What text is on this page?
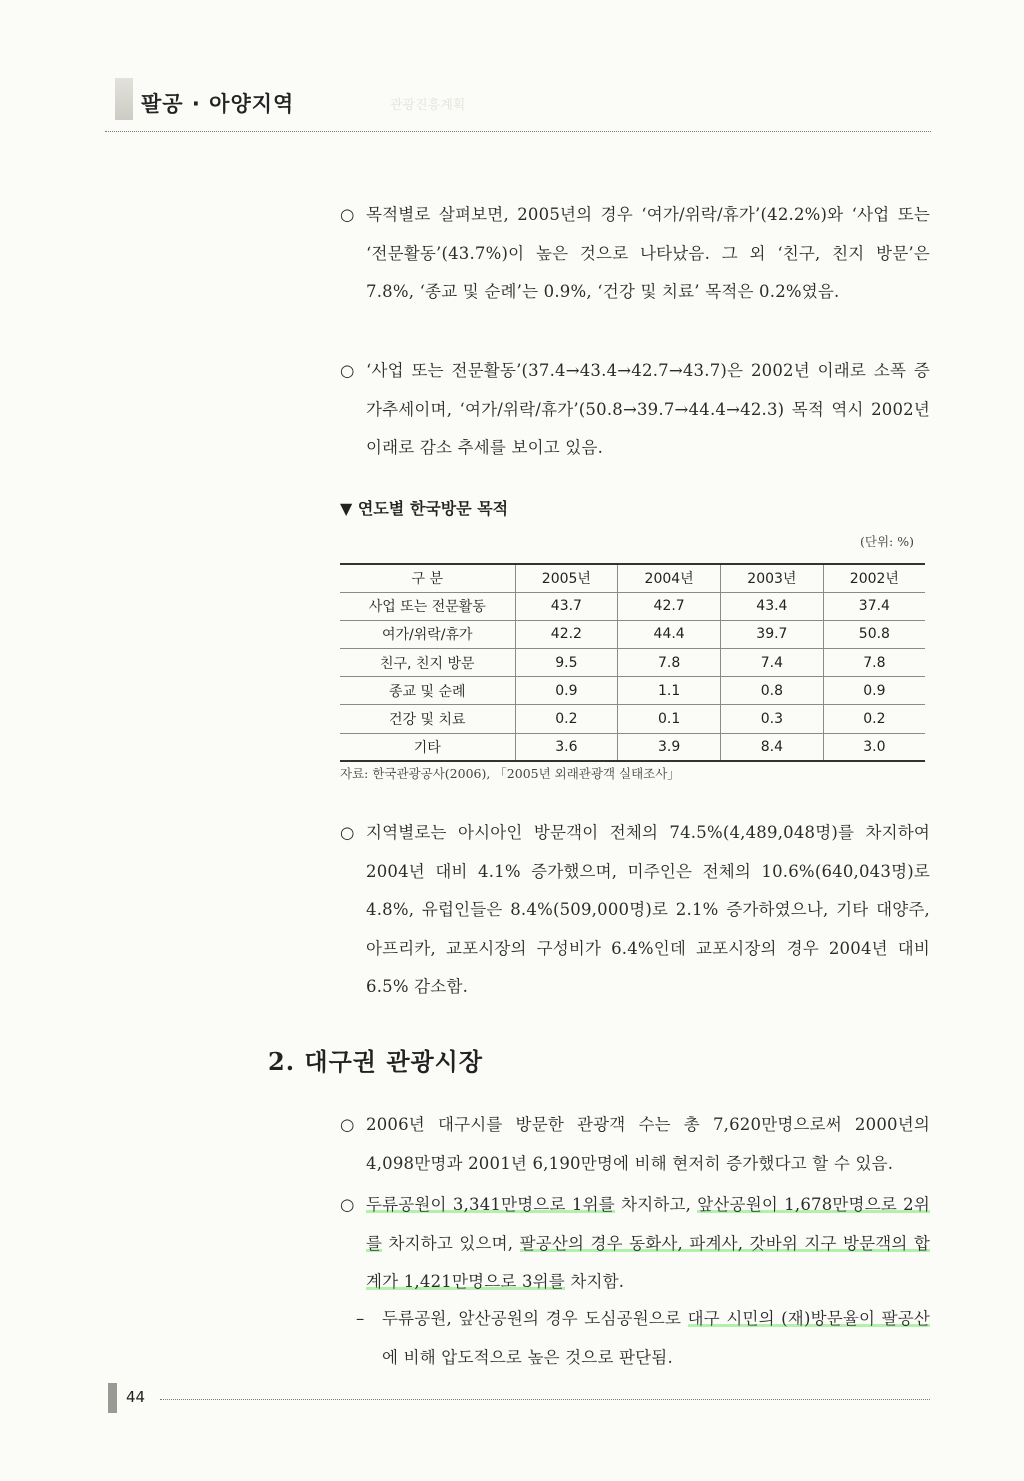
팔공 · 아양지역	관광진흥계획
○ 목적별로 살펴보면, 2005년의 경우 ‘여가/위락/휴가’(42.2%)와 ‘사업 또는 ‘전문활동’(43.7%)이 높은 것으로 나타났음. 그 외 ‘친구, 친지 방문’은 7.8%, ‘종교 및 순례’는 0.9%, ‘건강 및 치료’ 목적은 0.2%였음.
○ ‘사업 또는 전문활동’(37.4→43.4→42.7→43.7)은 2002년 이래로 소폭 증가추세이며, ‘여가/위락/휴가’(50.8→39.7→44.4→42.3) 목적 역시 2002년 이래로 감소 추세를 보이고 있음.
▼ 연도별 한국방문 목적
(단위: %)
구 분	2005년	2004년	2003년	2002년
사업 또는 전문활동	43.7	42.7	43.4	37.4
여가/위락/휴가	42.2	44.4	39.7	50.8
친구, 친지 방문	9.5	7.8	7.4	7.8
종교 및 순례	0.9	1.1	0.8	0.9
건강 및 치료	0.2	0.1	0.3	0.2
기타	3.6	3.9	8.4	3.0
자료: 한국관광공사(2006), 「2005년 외래관광객 실태조사」
○ 지역별로는 아시아인 방문객이 전체의 74.5%(4,489,048명)를 차지하여 2004년 대비 4.1% 증가했으며, 미주인은 전체의 10.6%(640,043명)로 4.8%, 유럽인들은 8.4%(509,000명)로 2.1% 증가하였으나, 기타 대양주, 아프리카, 교포시장의 구성비가 6.4%인데 교포시장의 경우 2004년 대비 6.5% 감소함.
2. 대구권 관광시장
○ 2006년 대구시를 방문한 관광객 수는 총 7,620만명으로써 2000년의 4,098만명과 2001년 6,190만명에 비해 현저히 증가했다고 할 수 있음.
○ 두류공원이 3,341만명으로 1위를 차지하고, 앞산공원이 1,678만명으로 2위를 차지하고 있으며, 팔공산의 경우 동화사, 파계사, 갓바위 지구 방문객의 합계가 1,421만명으로 3위를 차지함.
–	두류공원, 앞산공원의 경우 도심공원으로 대구 시민의 (재)방문율이 팔공산에 비해 압도적으로 높은 것으로 판단됨.
44
